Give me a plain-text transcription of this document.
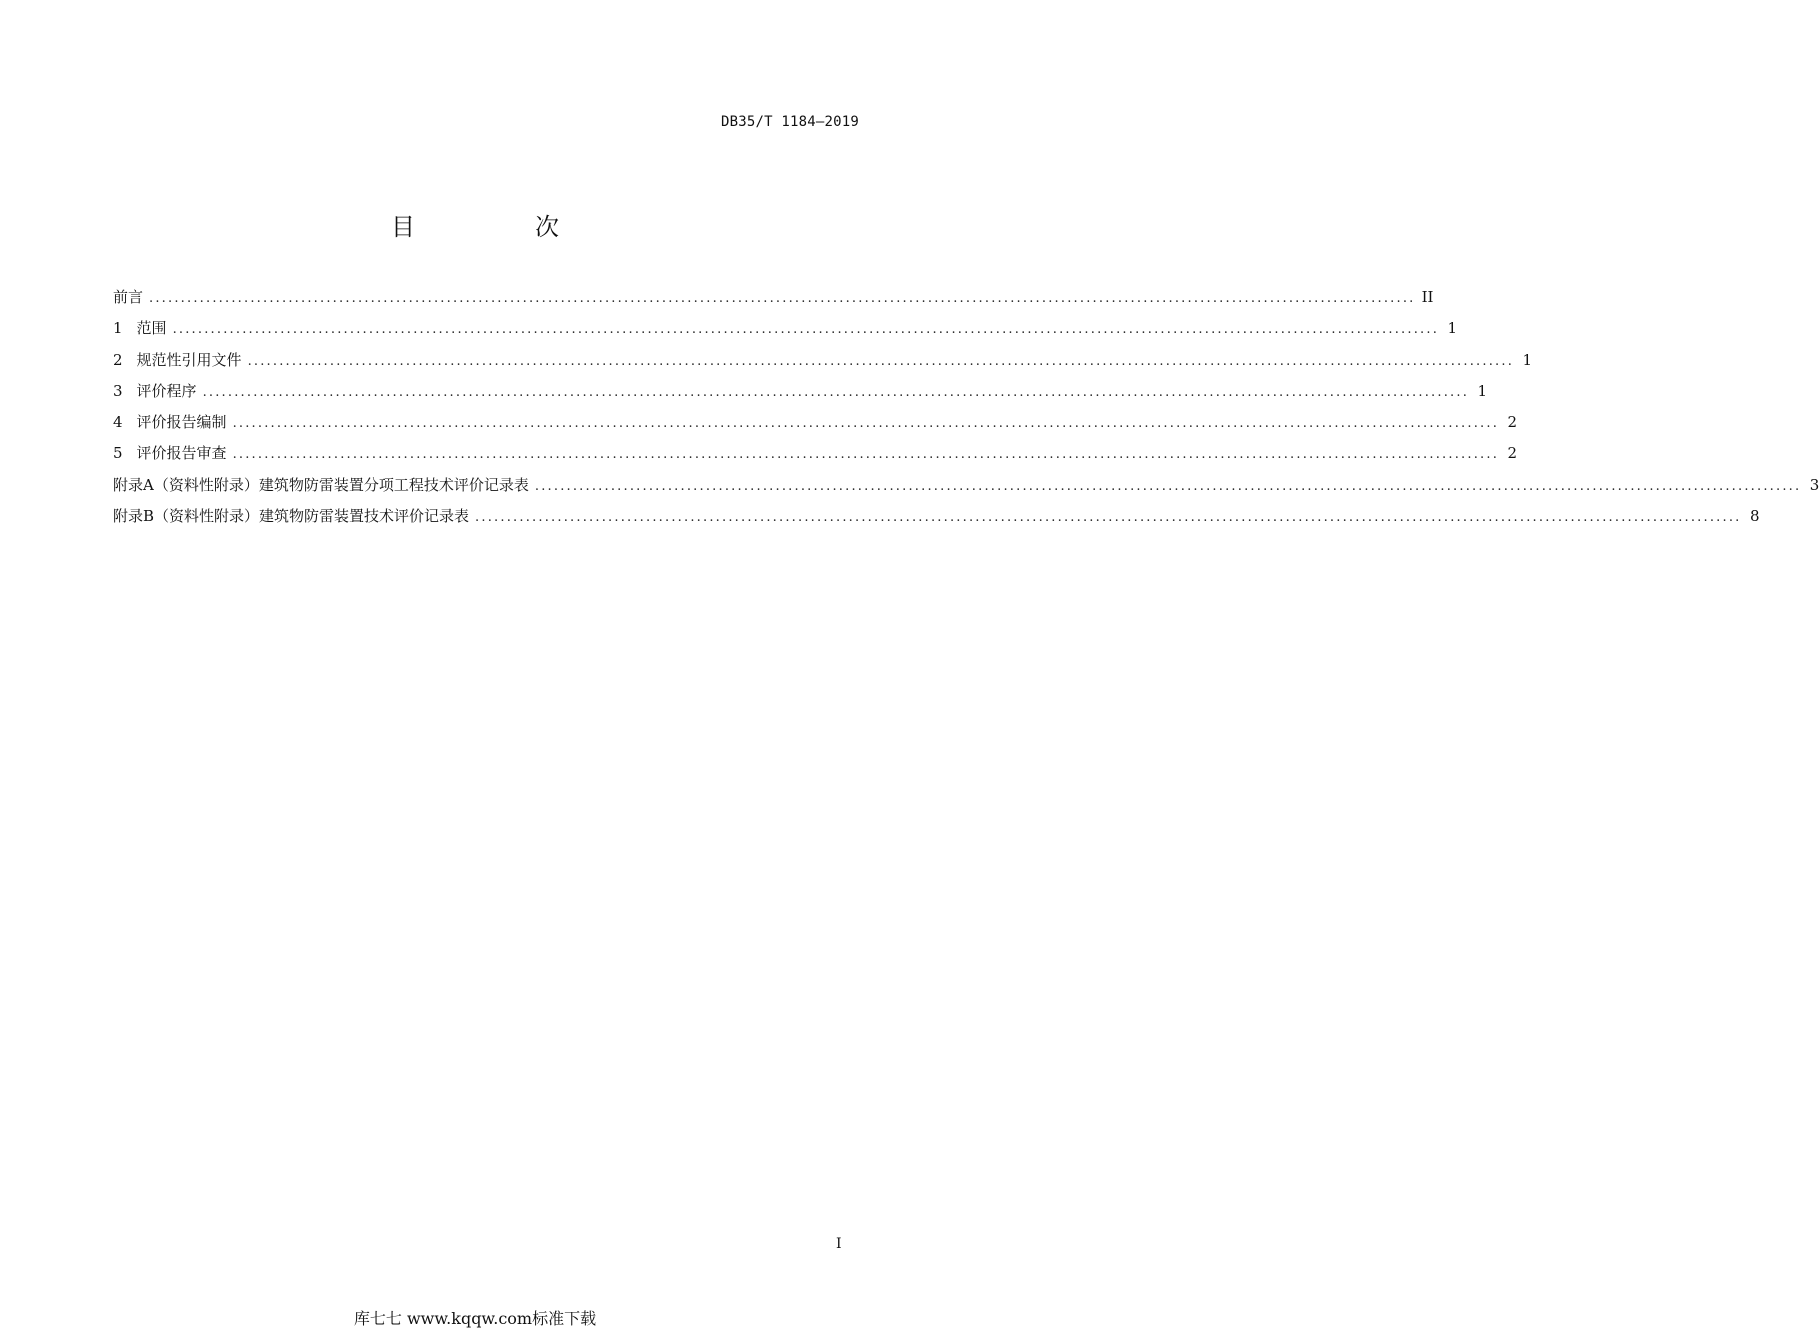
DB35/T 1184—2019
目　次
前言 ........................................................................................................................................................................................................ II
1 范围 ........................................................................................................................................................................................................ 1
2 规范性引用文件 ........................................................................................................................................................................................................ 1
3 评价程序 ........................................................................................................................................................................................................ 1
4 评价报告编制 ........................................................................................................................................................................................................ 2
5 评价报告审查 ........................................................................................................................................................................................................ 2
附录A（资料性附录） 建筑物防雷装置分项工程技术评价记录表 ........................................................................................................................................................................................................ 3
附录B（资料性附录） 建筑物防雷装置技术评价记录表 ........................................................................................................................................................................................................ 8
I
库七七 www.kqqw.com标准下载
